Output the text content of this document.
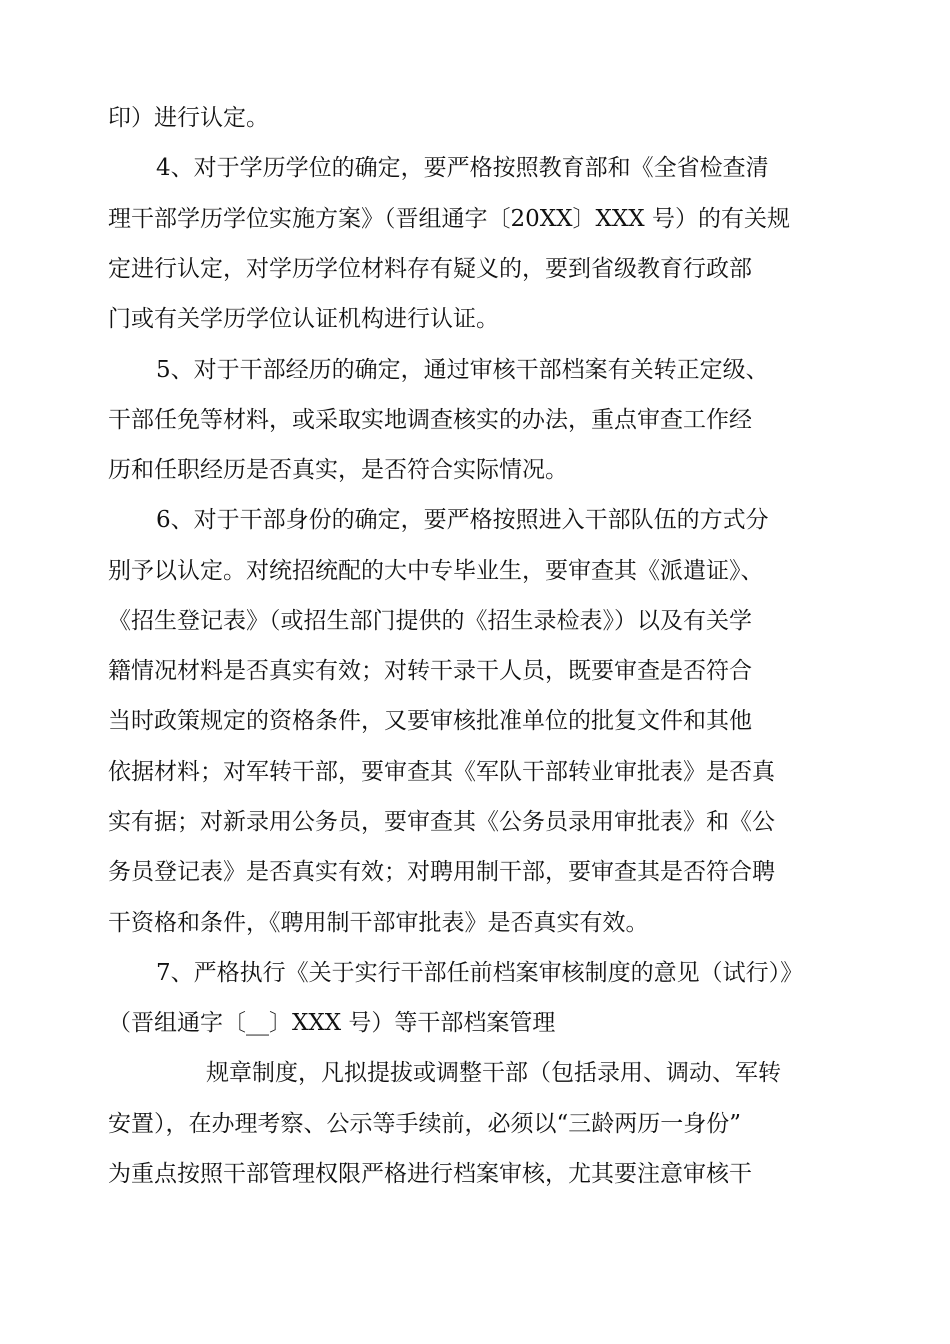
印）进行认定。
4、对于学历学位的确定，要严格按照教育部和《全省检查清
理干部学历学位实施方案》（晋组通字〔20XX〕XXX 号）的有关规
定进行认定，对学历学位材料存有疑义的，要到省级教育行政部
门或有关学历学位认证机构进行认证。
5、对于干部经历的确定，通过审核干部档案有关转正定级、
干部任免等材料，或采取实地调查核实的办法，重点审查工作经
历和任职经历是否真实，是否符合实际情况。
6、对于干部身份的确定，要严格按照进入干部队伍的方式分
别予以认定。对统招统配的大中专毕业生，要审查其《派遣证》、
《招生登记表》（或招生部门提供的《招生录检表》）以及有关学
籍情况材料是否真实有效；对转干录干人员，既要审查是否符合
当时政策规定的资格条件，又要审核批准单位的批复文件和其他
依据材料；对军转干部，要审查其《军队干部转业审批表》是否真
实有据；对新录用公务员，要审查其《公务员录用审批表》和《公
务员登记表》是否真实有效；对聘用制干部，要审查其是否符合聘
干资格和条件，《聘用制干部审批表》是否真实有效。
7、严格执行《关于实行干部任前档案审核制度的意见（试行）》
（晋组通字〔__〕XXX 号）等干部档案管理
规章制度，凡拟提拔或调整干部（包括录用、调动、军转
安置），在办理考察、公示等手续前，必须以“三龄两历一身份”
为重点按照干部管理权限严格进行档案审核，尤其要注意审核干
